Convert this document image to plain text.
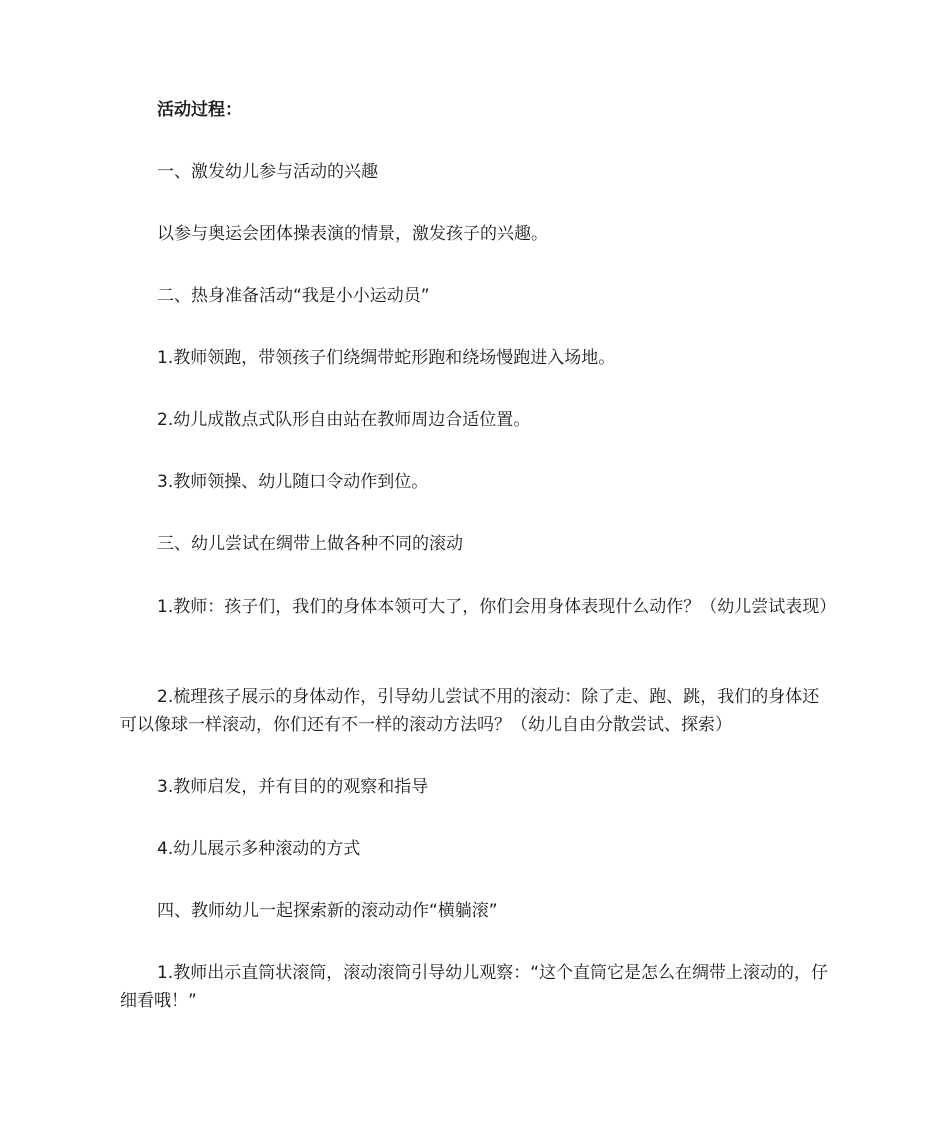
活动过程：

一、激发幼儿参与活动的兴趣

以参与奥运会团体操表演的情景，激发孩子的兴趣。

二、热身准备活动“我是小小运动员”

1.教师领跑，带领孩子们绕绸带蛇形跑和绕场慢跑进入场地。

2.幼儿成散点式队形自由站在教师周边合适位置。

3.教师领操、幼儿随口令动作到位。

三、幼儿尝试在绸带上做各种不同的滚动

1.教师：孩子们，我们的身体本领可大了，你们会用身体表现什么动作？（幼儿尝试表现）

2.梳理孩子展示的身体动作，引导幼儿尝试不用的滚动：除了走、跑、跳，我们的身体还可以像球一样滚动，你们还有不一样的滚动方法吗？（幼儿自由分散尝试、探索）

3.教师启发，并有目的的观察和指导

4.幼儿展示多种滚动的方式

四、教师幼儿一起探索新的滚动动作“横躺滚”

1.教师出示直筒状滚筒，滚动滚筒引导幼儿观察：“这个直筒它是怎么在绸带上滚动的，仔细看哦！”
